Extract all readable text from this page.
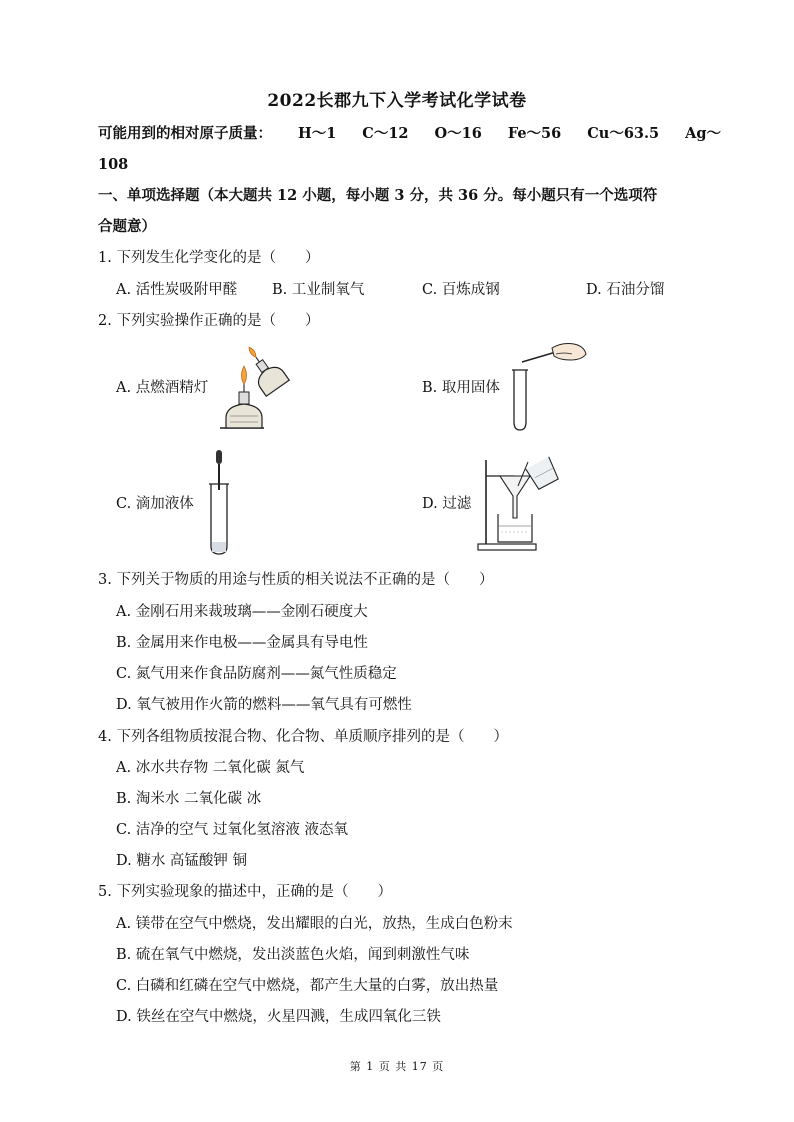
2022长郡九下入学考试化学试卷
可能用到的相对原子质量： H～1 C～12 O～16 Fe～56 Cu～63.5 Ag～
108
一、单项选择题（本大题共 12 小题，每小题 3 分，共 36 分。每小题只有一个选项符
合题意）
1. 下列发生化学变化的是（　　）
A. 活性炭吸附甲醛 B. 工业制氧气	C. 百炼成钢	D. 石油分馏
2. 下列实验操作正确的是（　　）
A. 点燃酒精灯	B. 取用固体
C. 滴加液体	D. 过滤
3. 下列关于物质的用途与性质的相关说法不正确的是（　　）
A. 金刚石用来裁玻璃——金刚石硬度大
B. 金属用来作电极——金属具有导电性
C. 氮气用来作食品防腐剂——氮气性质稳定
D. 氧气被用作火箭的燃料——氧气具有可燃性
4. 下列各组物质按混合物、化合物、单质顺序排列的是（　　）
A. 冰水共存物 二氧化碳 氮气
B. 淘米水 二氧化碳 冰
C. 洁净的空气 过氧化氢溶液 液态氧
D. 糖水 高锰酸钾 铜
5. 下列实验现象的描述中，正确的是（　　）
A. 镁带在空气中燃烧，发出耀眼的白光，放热，生成白色粉末
B. 硫在氧气中燃烧，发出淡蓝色火焰，闻到刺激性气味
C. 白磷和红磷在空气中燃烧，都产生大量的白雾，放出热量
D. 铁丝在空气中燃烧，火星四溅，生成四氧化三铁
第 1 页 共 17 页
